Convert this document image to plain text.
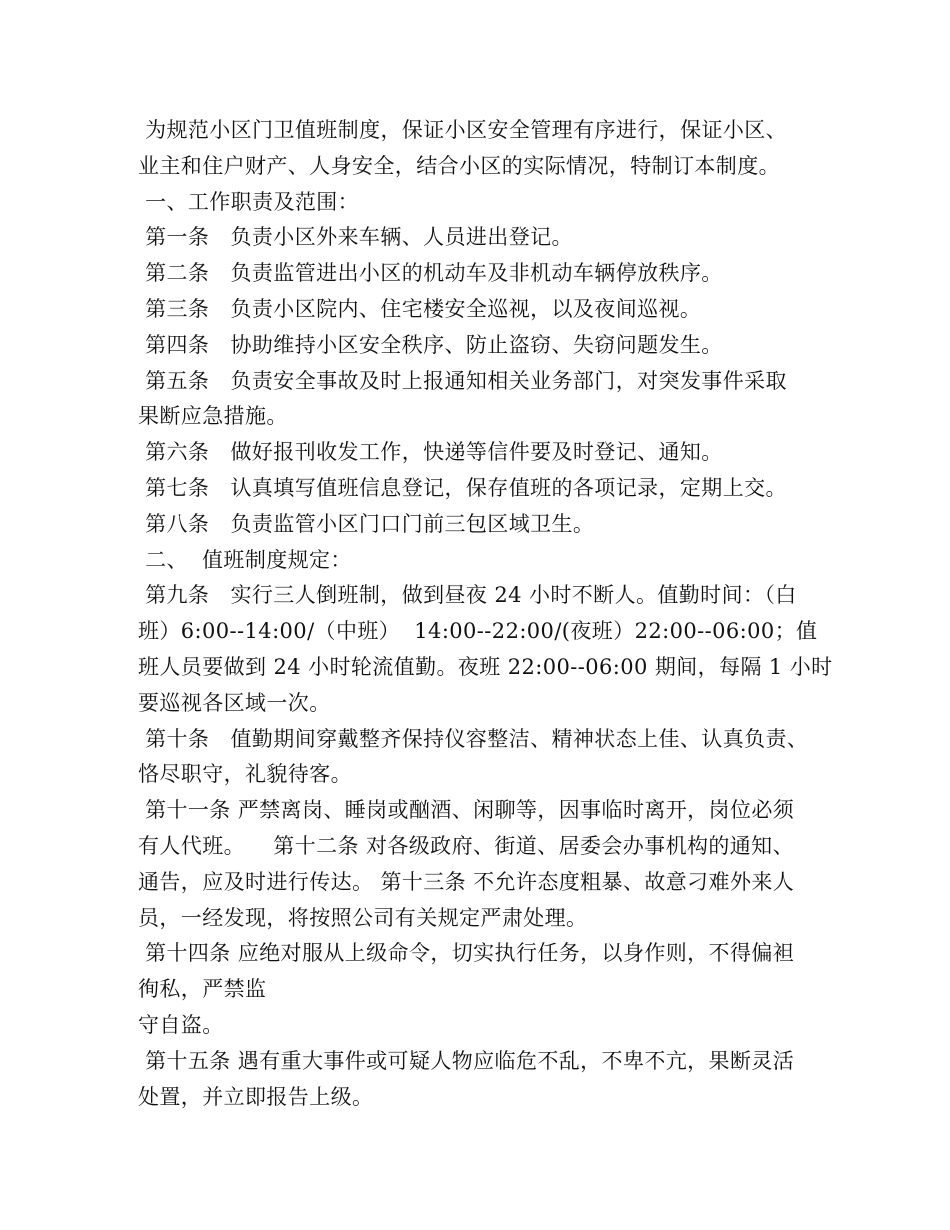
为规范小区门卫值班制度，保证小区安全管理有序进行，保证小区、
业主和住户财产、人身安全，结合小区的实际情况，特制订本制度。
一、工作职责及范围：
第一条   负责小区外来车辆、人员进出登记。
第二条   负责监管进出小区的机动车及非机动车辆停放秩序。
第三条   负责小区院内、住宅楼安全巡视，以及夜间巡视。
第四条   协助维持小区安全秩序、防止盗窃、失窃问题发生。
第五条   负责安全事故及时上报通知相关业务部门，对突发事件采取
果断应急措施。
第六条   做好报刊收发工作，快递等信件要及时登记、通知。
第七条   认真填写值班信息登记，保存值班的各项记录，定期上交。
第八条   负责监管小区门口门前三包区域卫生。
二、  值班制度规定：
第九条   实行三人倒班制，做到昼夜 24 小时不断人。值勤时间：（白
班）6:00--14:00/（中班）  14:00--22:00/(夜班）22:00--06:00；值
班人员要做到 24 小时轮流值勤。夜班 22:00--06:00 期间，每隔 1 小时
要巡视各区域一次。
第十条   值勤期间穿戴整齐保持仪容整洁、精神状态上佳、认真负责、
恪尽职守，礼貌待客。
第十一条 严禁离岗、睡岗或酗酒、闲聊等，因事临时离开，岗位必须
有人代班。    第十二条 对各级政府、街道、居委会办事机构的通知、
通告，应及时进行传达。 第十三条 不允许态度粗暴、故意刁难外来人
员，一经发现，将按照公司有关规定严肃处理。
第十四条 应绝对服从上级命令，切实执行任务，以身作则，不得偏袒
徇私，严禁监
守自盗。
第十五条 遇有重大事件或可疑人物应临危不乱，不卑不亢，果断灵活
处置，并立即报告上级。
